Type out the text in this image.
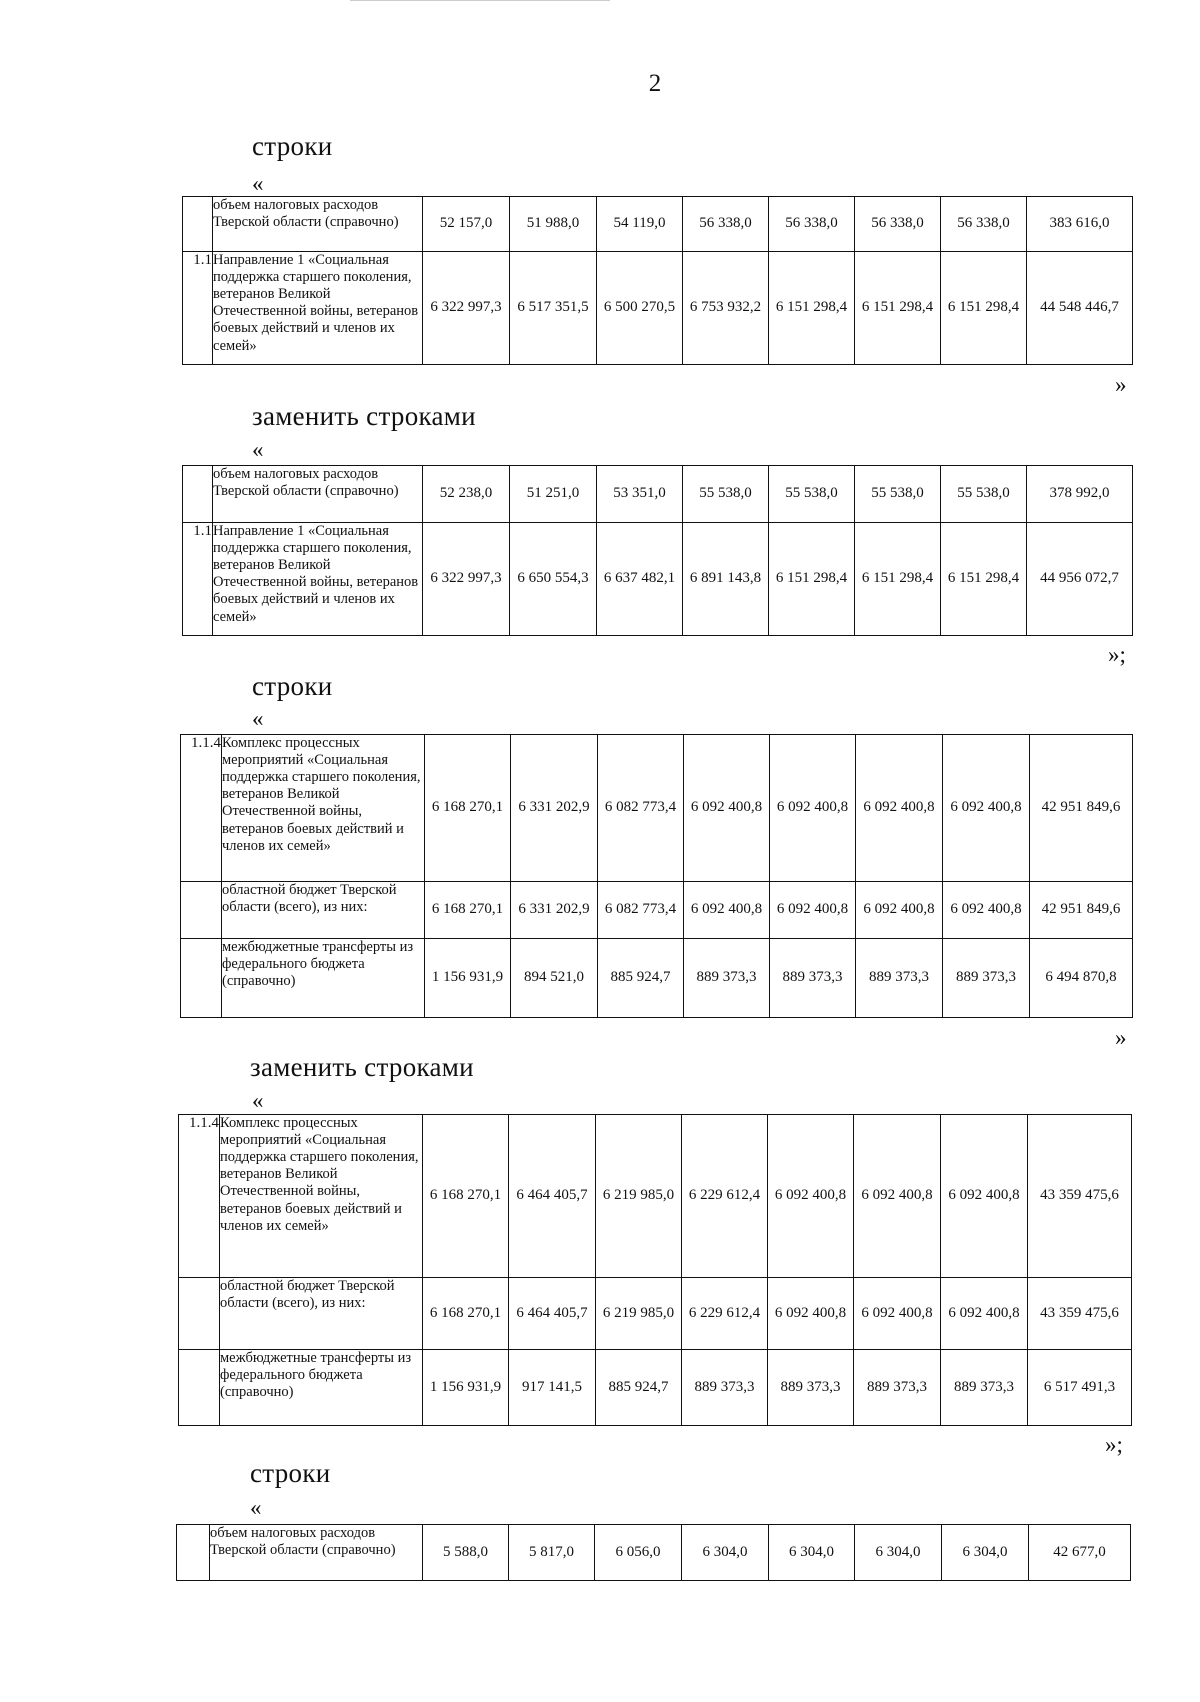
2
строки
«
	объем налоговых расходов Тверской области (справочно)	52 157,0	51 988,0	54 119,0	56 338,0	56 338,0	56 338,0	56 338,0	383 616,0
1.1	Направление 1 «Социальная поддержка старшего поколения, ветеранов Великой Отечественной войны, ветеранов боевых действий и членов их семей»	6 322 997,3	6 517 351,5	6 500 270,5	6 753 932,2	6 151 298,4	6 151 298,4	6 151 298,4	44 548 446,7
»
заменить строками
«
	объем налоговых расходов Тверской области (справочно)	52 238,0	51 251,0	53 351,0	55 538,0	55 538,0	55 538,0	55 538,0	378 992,0
1.1	Направление 1 «Социальная поддержка старшего поколения, ветеранов Великой Отечественной войны, ветеранов боевых действий и членов их семей»	6 322 997,3	6 650 554,3	6 637 482,1	6 891 143,8	6 151 298,4	6 151 298,4	6 151 298,4	44 956 072,7
»;
строки
«
1.1.4	Комплекс процессных мероприятий «Социальная поддержка старшего поколения, ветеранов Великой Отечественной войны, ветеранов боевых действий и членов их семей»	6 168 270,1	6 331 202,9	6 082 773,4	6 092 400,8	6 092 400,8	6 092 400,8	6 092 400,8	42 951 849,6
	областной бюджет Тверской области (всего), из них:	6 168 270,1	6 331 202,9	6 082 773,4	6 092 400,8	6 092 400,8	6 092 400,8	6 092 400,8	42 951 849,6
	межбюджетные трансферты из федерального бюджета (справочно)	1 156 931,9	894 521,0	885 924,7	889 373,3	889 373,3	889 373,3	889 373,3	6 494 870,8
»
заменить строками
«
1.1.4	Комплекс процессных мероприятий «Социальная поддержка старшего поколения, ветеранов Великой Отечественной войны, ветеранов боевых действий и членов их семей»	6 168 270,1	6 464 405,7	6 219 985,0	6 229 612,4	6 092 400,8	6 092 400,8	6 092 400,8	43 359 475,6
	областной бюджет Тверской области (всего), из них:	6 168 270,1	6 464 405,7	6 219 985,0	6 229 612,4	6 092 400,8	6 092 400,8	6 092 400,8	43 359 475,6
	межбюджетные трансферты из федерального бюджета (справочно)	1 156 931,9	917 141,5	885 924,7	889 373,3	889 373,3	889 373,3	889 373,3	6 517 491,3
»;
строки
«
	объем налоговых расходов Тверской области (справочно)	5 588,0	5 817,0	6 056,0	6 304,0	6 304,0	6 304,0	6 304,0	42 677,0
